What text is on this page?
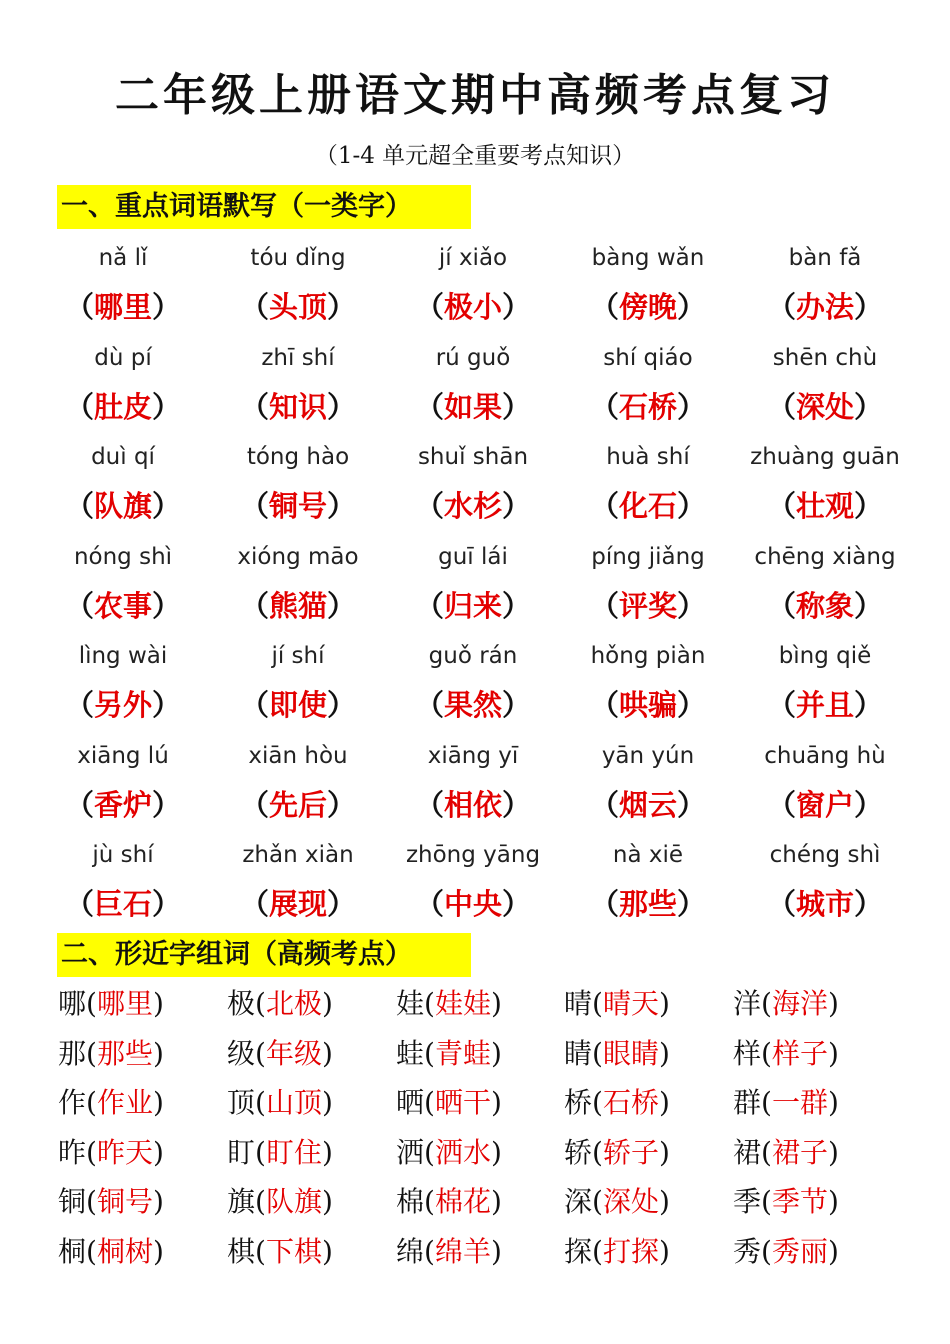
二年级上册语文期中高频考点复习
（1-4 单元超全重要考点知识）
一、重点词语默写（一类字）
nǎ lǐ
（哪里）
tóu dǐng
（头顶）
jí xiǎo
（极小）
bàng wǎn
（傍晚）
bàn fǎ
（办法）
dù pí
（肚皮）
zhī shí
（知识）
rú guǒ
（如果）
shí qiáo
（石桥）
shēn chù
（深处）
duì qí
（队旗）
tóng hào
（铜号）
shuǐ shān
（水杉）
huà shí
（化石）
zhuàng guān
（壮观）
nóng shì
（农事）
xióng māo
（熊猫）
guī lái
（归来）
píng jiǎng
（评奖）
chēng xiàng
（称象）
lìng wài
（另外）
jí shí
（即使）
guǒ rán
（果然）
hǒng piàn
（哄骗）
bìng qiě
（并且）
xiāng lú
（香炉）
xiān hòu
（先后）
xiāng yī
（相依）
yān yún
（烟云）
chuāng hù
（窗户）
jù shí
（巨石）
zhǎn xiàn
（展现）
zhōng yāng
（中央）
nà xiē
（那些）
chéng shì
（城市）
二、形近字组词（高频考点）
哪(哪里) 极(北极) 娃(娃娃) 晴(晴天) 洋(海洋)
那(那些) 级(年级) 蛙(青蛙) 睛(眼睛) 样(样子)
作(作业) 顶(山顶) 晒(晒干) 桥(石桥) 群(一群)
昨(昨天) 盯(盯住) 洒(洒水) 轿(轿子) 裙(裙子)
铜(铜号) 旗(队旗) 棉(棉花) 深(深处) 季(季节)
桐(桐树) 棋(下棋) 绵(绵羊) 探(打探) 秀(秀丽)
